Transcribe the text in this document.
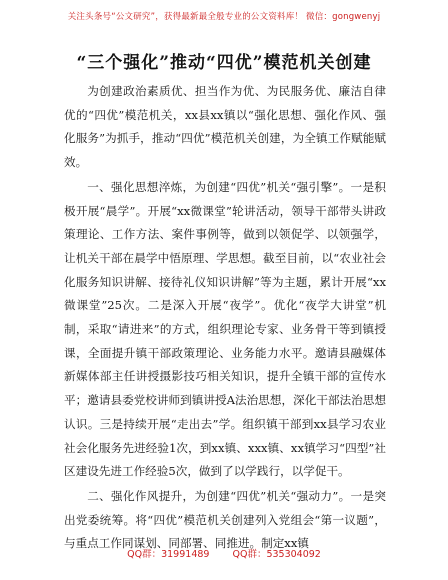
关注头条号“公文研究”，获得最新最全般专业的公文资料库！ 微信：gongwenyj
“三个强化”推动“四优”模范机关创建

为创建政治素质优、担当作为优、为民服务优、廉洁自律优的“四优”模范机关，xx县xx镇以“强化思想、强化作风、强化服务”为抓手，推动“四优”模范机关创建，为全镇工作赋能赋效。

一、强化思想淬炼，为创建“四优”机关“强引擎”。一是积极开展“晨学”。开展“xx微课堂”轮讲活动，领导干部带头讲政策理论、工作方法、案件事例等，做到以领促学、以领强学，让机关干部在晨学中悟原理、学思想。截至目前，以“农业社会化服务知识讲解、接待礼仪知识讲解”等为主题，累计开展“xx微课堂”25次。二是深入开展“夜学”。优化“夜学大讲堂”机制，采取“请进来”的方式，组织理论专家、业务骨干等到镇授课，全面提升镇干部政策理论、业务能力水平。邀请县融媒体新媒体部主任讲授摄影技巧相关知识，提升全镇干部的宣传水平；邀请县委党校讲师到镇讲授A法治思想，深化干部法治思想认识。三是持续开展“走出去”学。组织镇干部到xx县学习农业社会化服务先进经验1次，到xx镇、xxx镇、xx镇学习“四型”社区建设先进工作经验5次，做到了以学践行，以学促干。

二、强化作风提升，为创建“四优”机关“强动力”。一是突出党委统筹。将“四优”模范机关创建列入党组会“第一议题”，与重点工作同谋划、同部署、同推进。制定xx镇

QQ群：31991489 QQ群：535304092
